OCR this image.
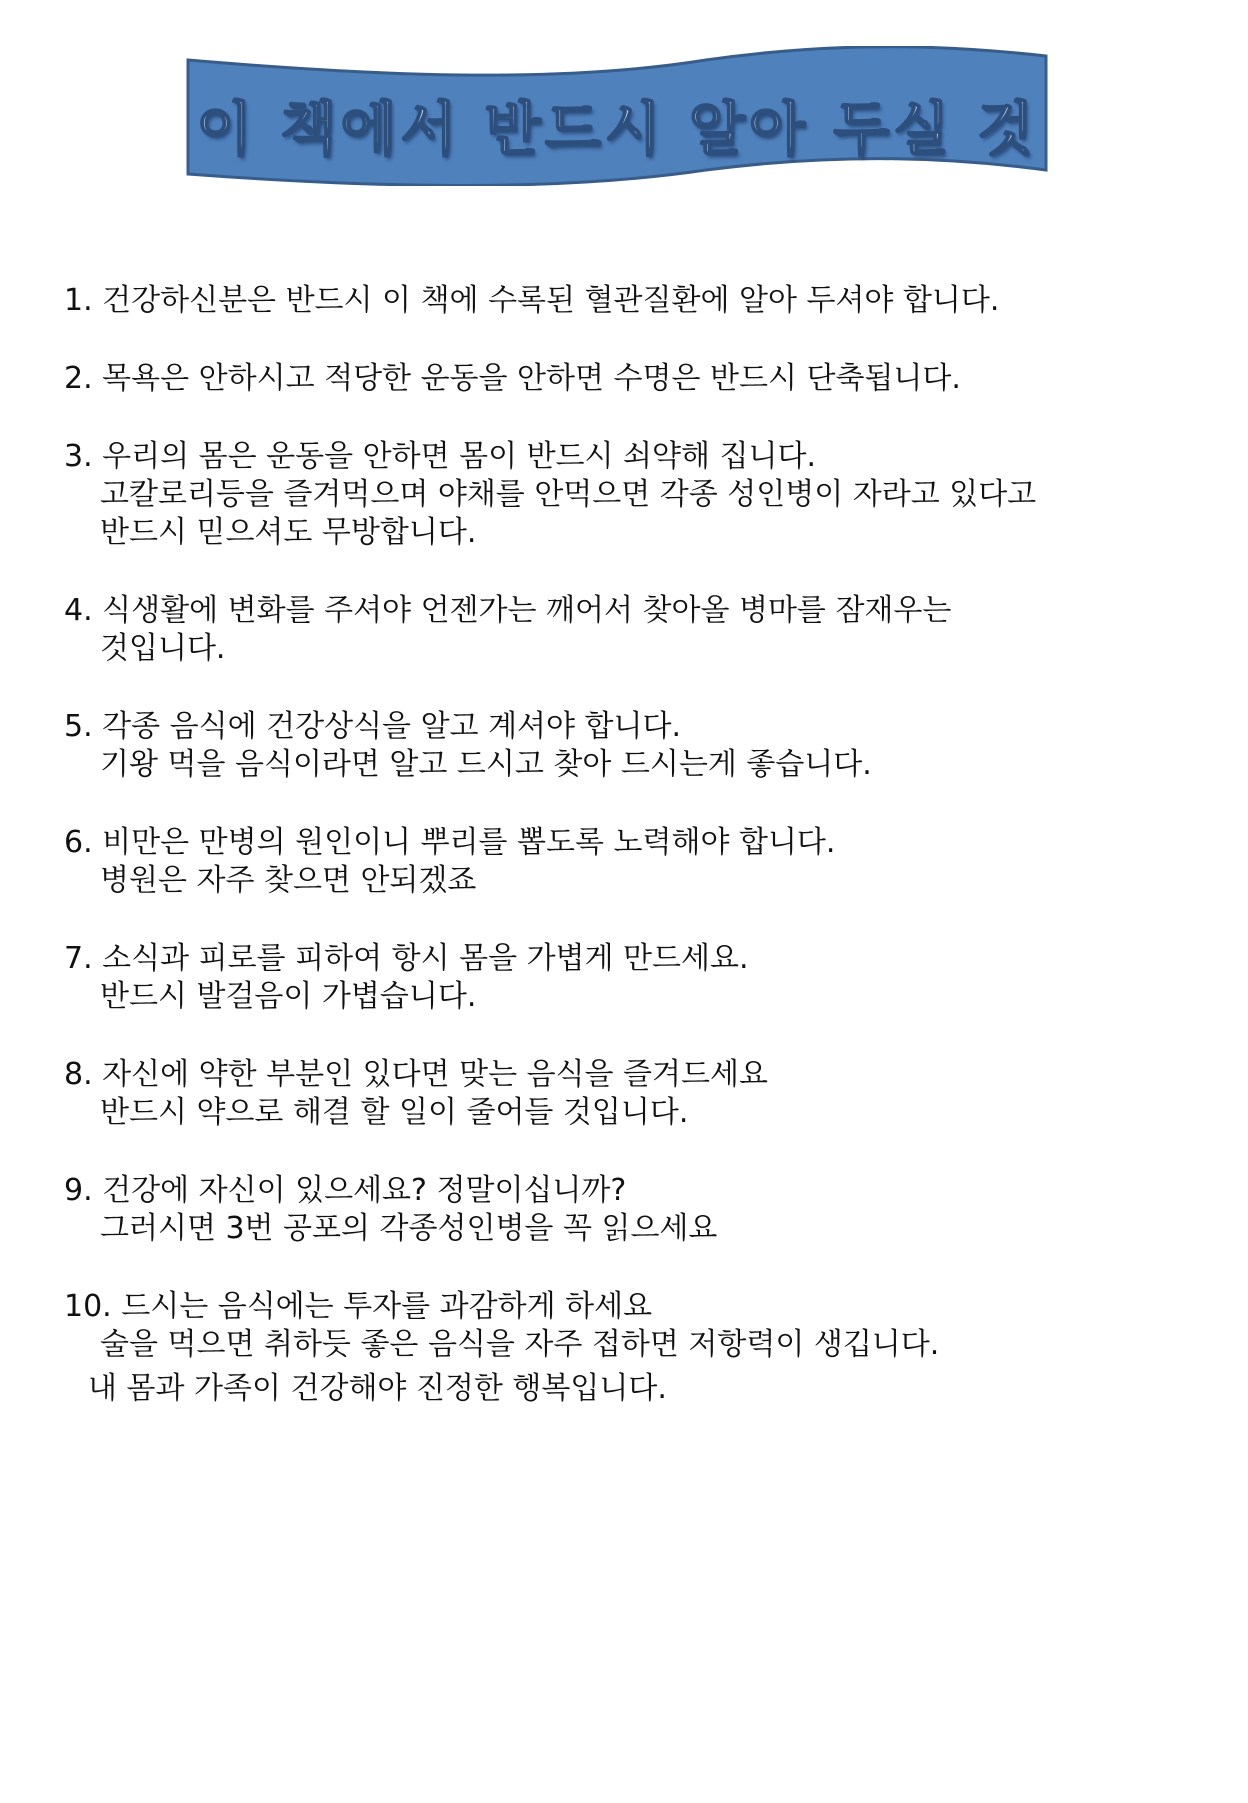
이 책에서 반드시 알아 두실 것
1. 건강하신분은 반드시 이 책에 수록된 혈관질환에 알아 두셔야 합니다.
2. 목욕은 안하시고 적당한 운동을 안하면 수명은 반드시 단축됩니다.
3. 우리의 몸은 운동을 안하면 몸이 반드시 쇠약해 집니다.
고칼로리등을 즐겨먹으며 야채를 안먹으면 각종 성인병이 자라고 있다고
반드시 믿으셔도 무방합니다.
4. 식생활에 변화를 주셔야 언젠가는 깨어서 찾아올 병마를 잠재우는
것입니다.
5. 각종 음식에 건강상식을 알고 계셔야 합니다.
기왕 먹을 음식이라면 알고 드시고 찾아 드시는게 좋습니다.
6. 비만은 만병의 원인이니 뿌리를 뽑도록 노력해야 합니다.
병원은 자주 찾으면 안되겠죠
7. 소식과 피로를 피하여 항시 몸을 가볍게 만드세요.
반드시 발걸음이 가볍습니다.
8. 자신에 약한 부분인 있다면 맞는 음식을 즐겨드세요
반드시 약으로 해결 할 일이 줄어들 것입니다.
9. 건강에 자신이 있으세요? 정말이십니까?
그러시면 3번 공포의 각종성인병을 꼭 읽으세요
10. 드시는 음식에는 투자를 과감하게 하세요
술을 먹으면 취하듯 좋은 음식을 자주 접하면 저항력이 생깁니다.
내 몸과 가족이 건강해야 진정한 행복입니다.
